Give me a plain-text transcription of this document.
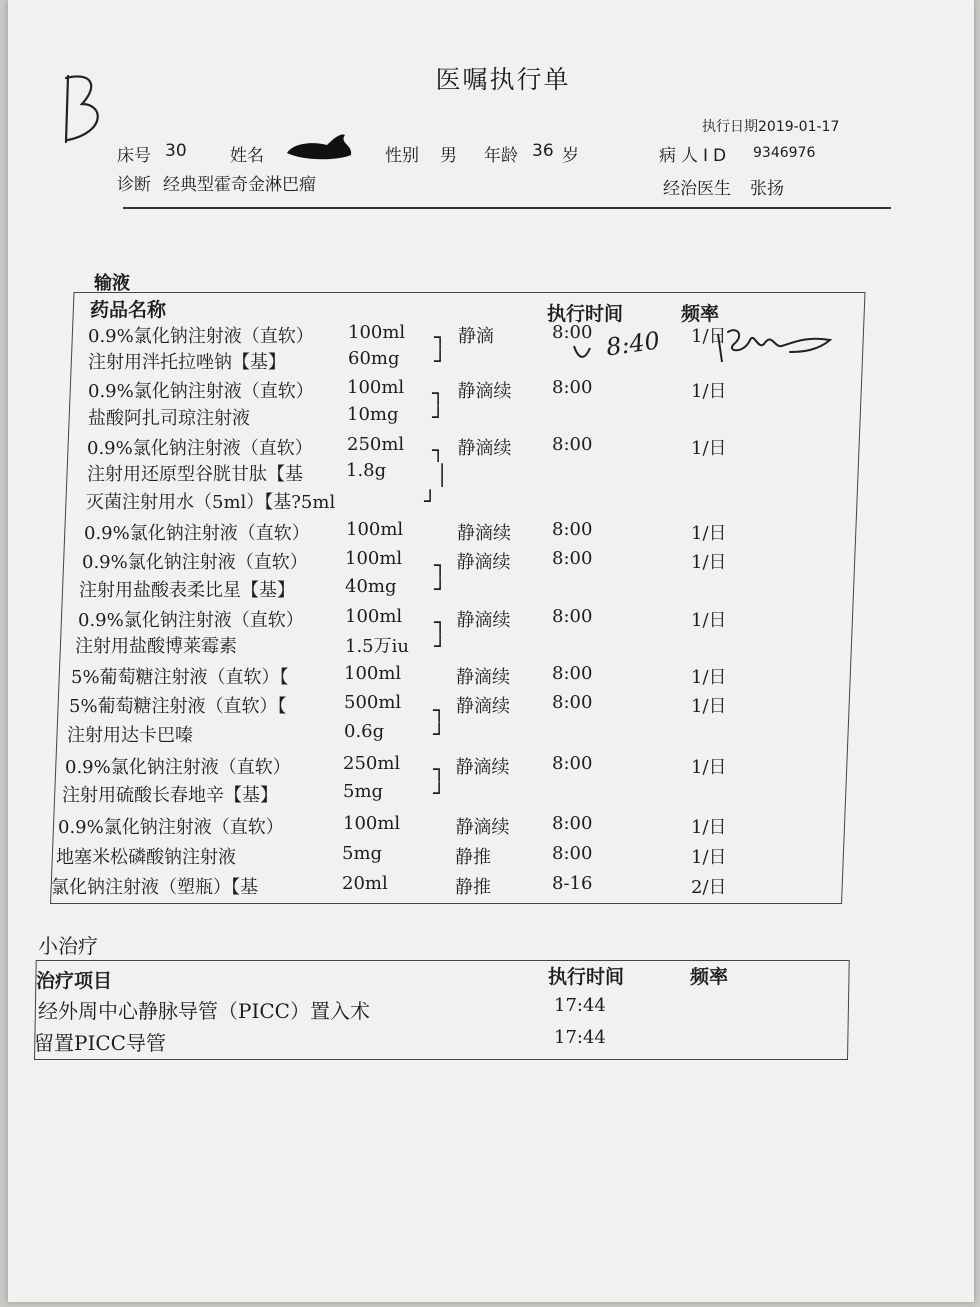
医嘱执行单
执行日期2019-01-17
床号 30	姓名	性别 男 年龄 36 岁	病人ID 9346976
诊断 经典型霍奇金淋巴瘤	经治医生 张扬
输液
药品名称	执行时间	频率
┐
┘
┐
┘
┐
│
┘
┐
┘
┐
┘
┐
┘
┐
┘
8:40
小治疗
治疗项目	执行时间	频率
0.9%氯化钠注射液（直软） 100ml	静滴	8:00	1/日
注射用泮托拉唑钠【基】	60mg
0.9%氯化钠注射液（直软） 100ml	静滴续 8:00	1/日
盐酸阿扎司琼注射液	10mg
0.9%氯化钠注射液（直软） 250ml	静滴续 8:00	1/日
注射用还原型谷胱甘肽【基 1.8g
灭菌注射用水（5ml）【基?5ml
0.9%氯化钠注射液（直软） 100ml	静滴续 8:00	1/日
0.9%氯化钠注射液（直软） 100ml	静滴续 8:00	1/日
注射用盐酸表柔比星【基】	40mg
0.9%氯化钠注射液（直软） 100ml	静滴续 8:00	1/日
注射用盐酸博莱霉素	1.5万iu
5%葡萄糖注射液（直软）【	100ml	静滴续 8:00	1/日
5%葡萄糖注射液（直软）【	500ml	静滴续 8:00	1/日
注射用达卡巴嗪	0.6g
0.9%氯化钠注射液（直软）	250ml	静滴续 8:00	1/日
注射用硫酸长春地辛【基】	5mg
0.9%氯化钠注射液（直软）	100ml	静滴续 8:00	1/日
地塞米松磷酸钠注射液	5mg	静推	8:00	1/日
氯化钠注射液（塑瓶）【基	20ml	静推	8-16	2/日
经外周中心静脉导管（PICC）置入术	17:44
留置PICC导管	17:44
